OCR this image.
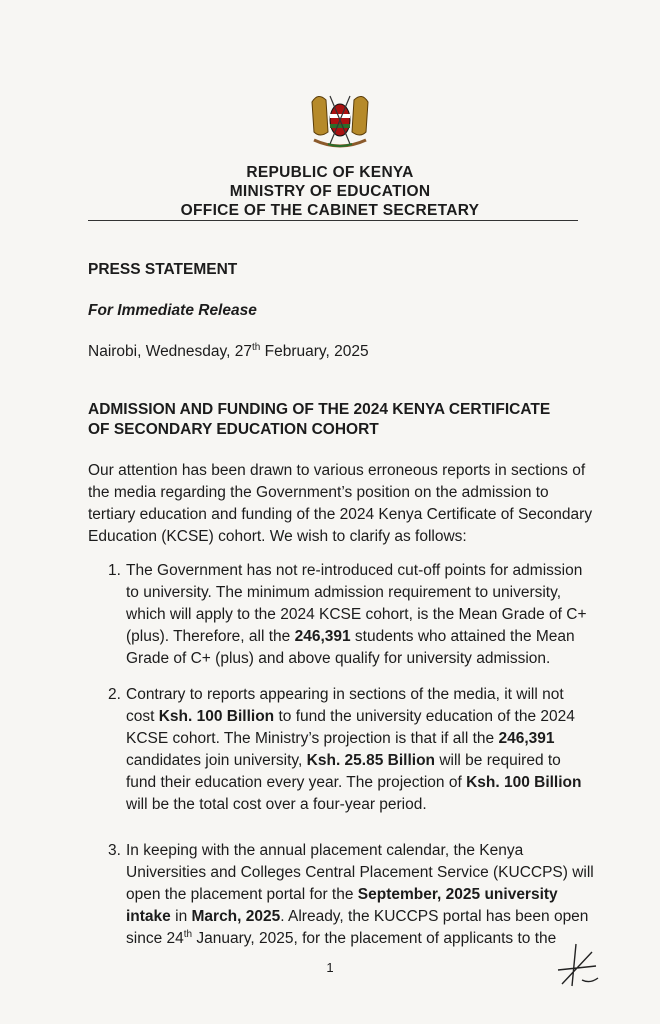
REPUBLIC OF KENYA
MINISTRY OF EDUCATION
OFFICE OF THE CABINET SECRETARY
PRESS STATEMENT
For Immediate Release
Nairobi, Wednesday, 27th February, 2025
ADMISSION AND FUNDING OF THE 2024 KENYA CERTIFICATE
OF SECONDARY EDUCATION COHORT
Our attention has been drawn to various erroneous reports in sections of
the media regarding the Government’s position on the admission to
tertiary education and funding of the 2024 Kenya Certificate of Secondary
Education (KCSE) cohort. We wish to clarify as follows:
1. The Government has not re-introduced cut-off points for admission
to university. The minimum admission requirement to university,
which will apply to the 2024 KCSE cohort, is the Mean Grade of C+
(plus). Therefore, all the 246,391 students who attained the Mean
Grade of C+ (plus) and above qualify for university admission.
2. Contrary to reports appearing in sections of the media, it will not
cost Ksh. 100 Billion to fund the university education of the 2024
KCSE cohort. The Ministry’s projection is that if all the 246,391
candidates join university, Ksh. 25.85 Billion will be required to
fund their education every year. The projection of Ksh. 100 Billion
will be the total cost over a four-year period.
3. In keeping with the annual placement calendar, the Kenya
Universities and Colleges Central Placement Service (KUCCPS) will
open the placement portal for the September, 2025 university
intake in March, 2025. Already, the KUCCPS portal has been open
since 24th January, 2025, for the placement of applicants to the
1
